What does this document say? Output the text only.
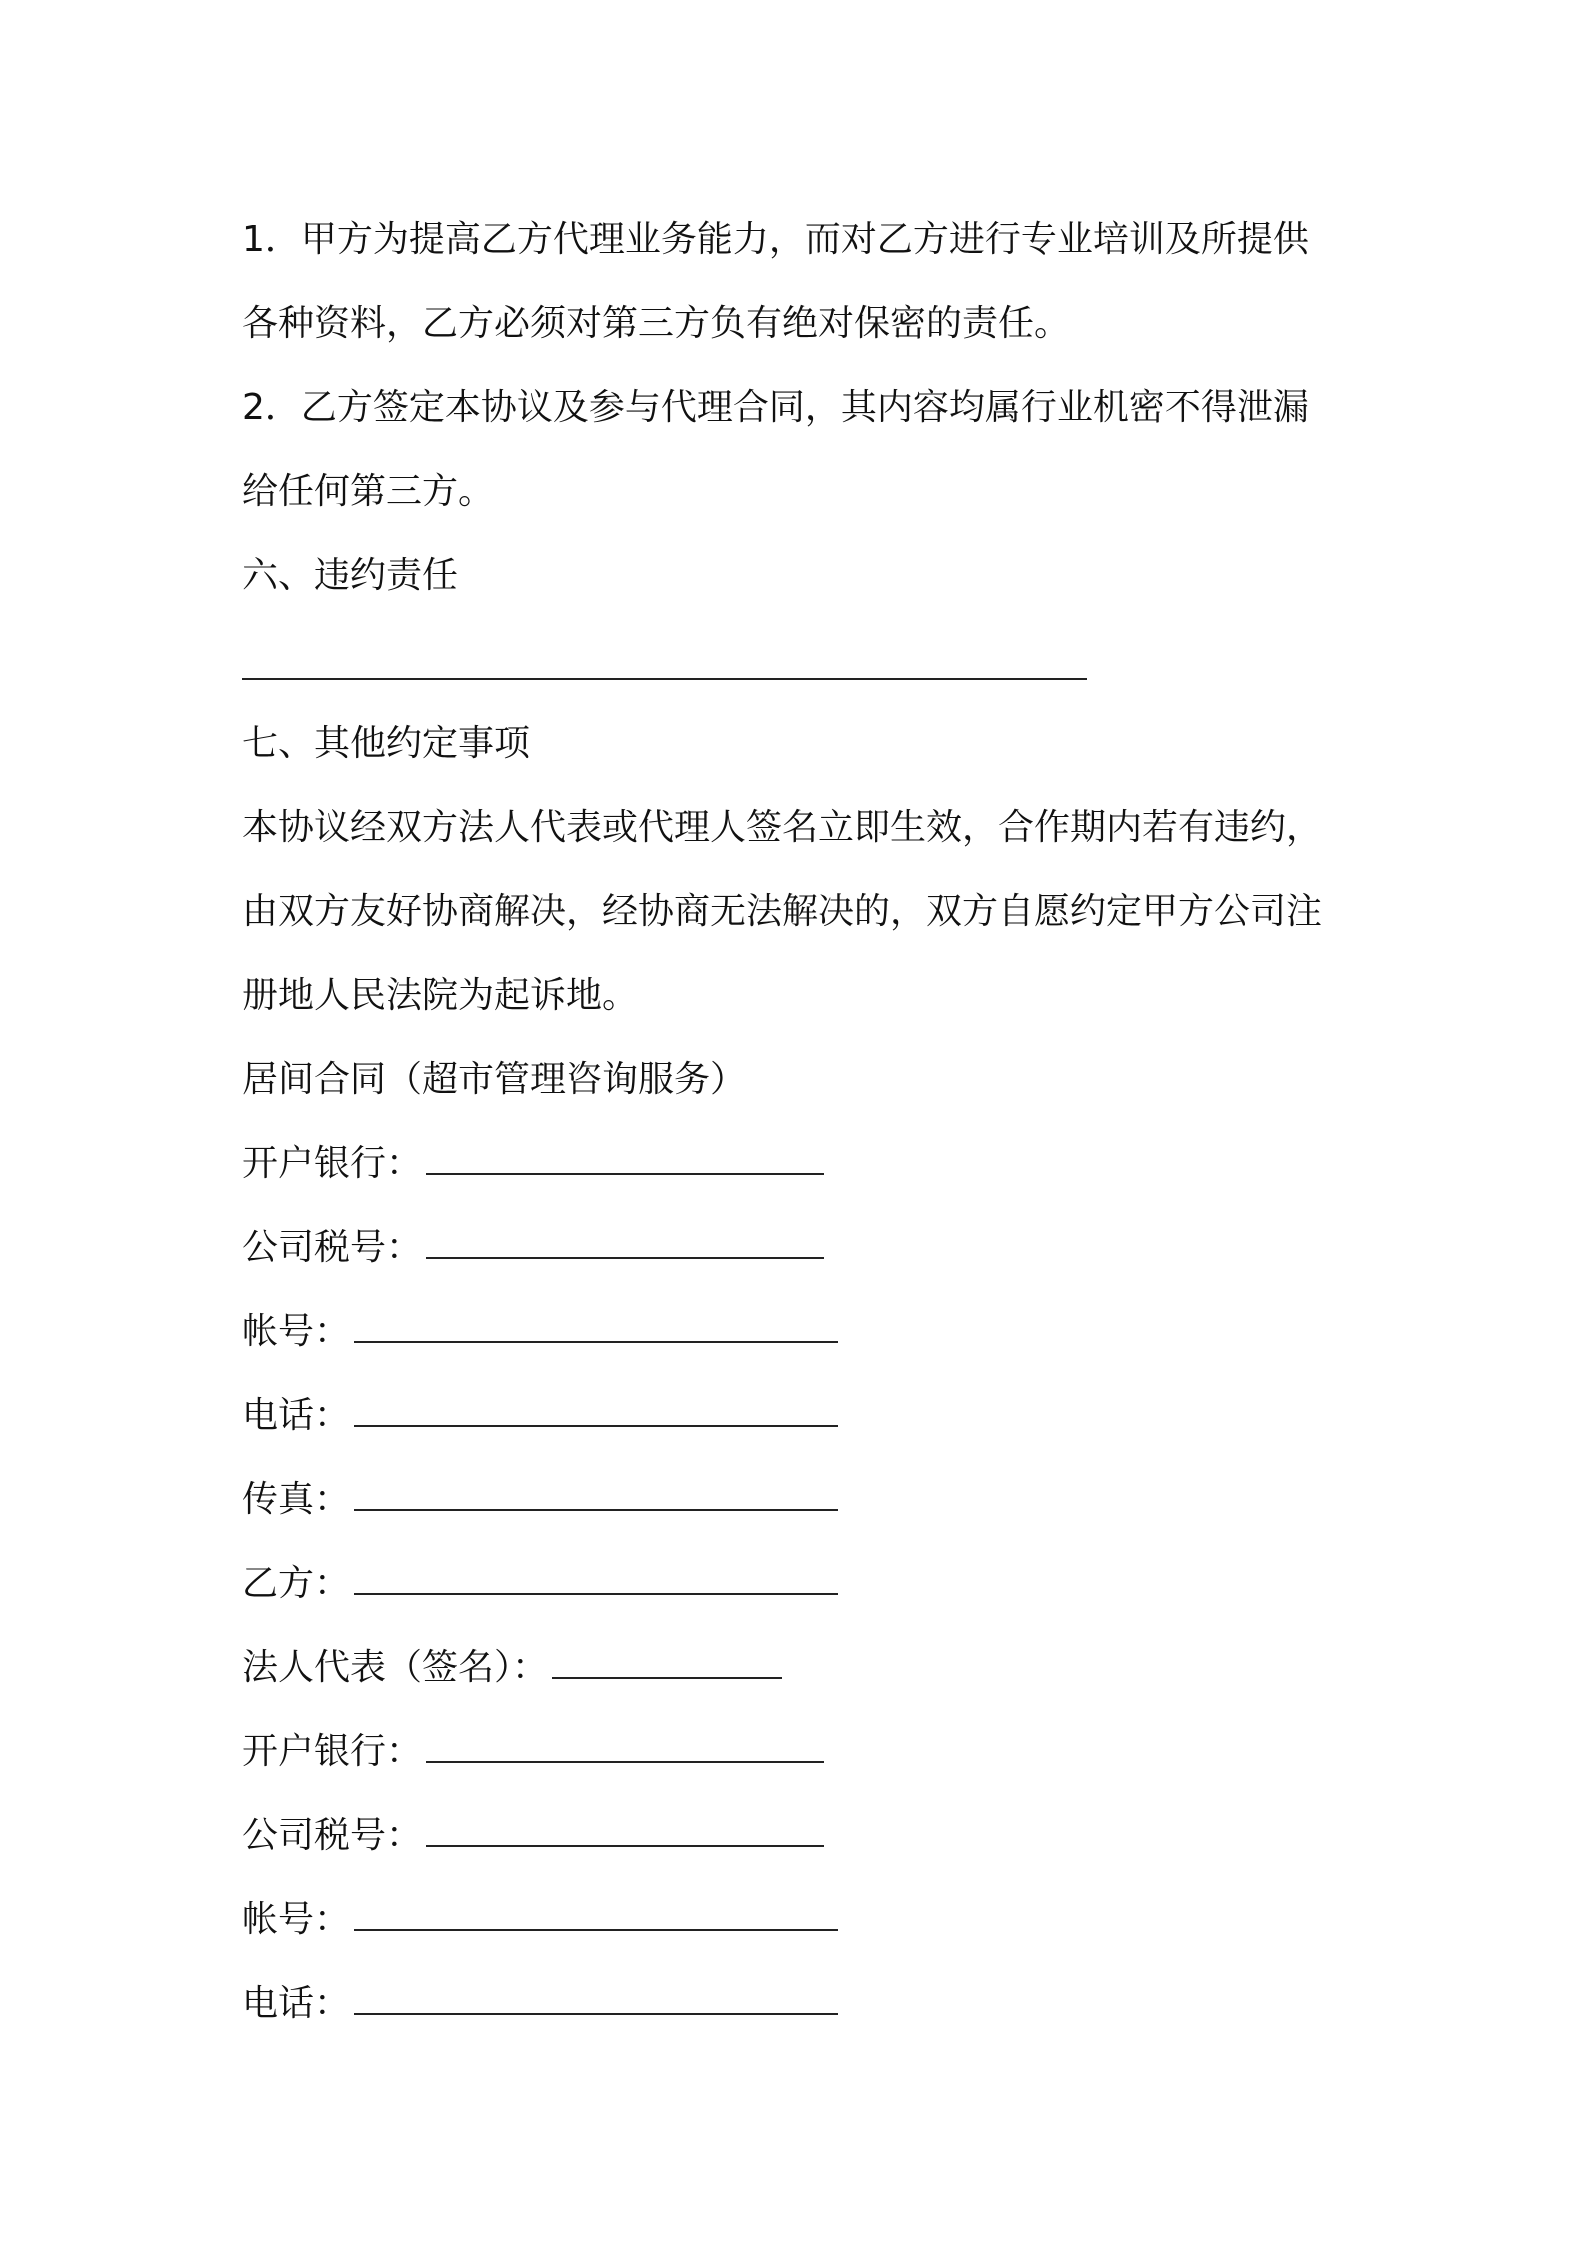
1．甲方为提高乙方代理业务能力，而对乙方进行专业培训及所提供
各种资料，乙方必须对第三方负有绝对保密的责任。
2．乙方签定本协议及参与代理合同，其内容均属行业机密不得泄漏
给任何第三方。
六、违约责任
七、其他约定事项
本协议经双方法人代表或代理人签名立即生效，合作期内若有违约，
由双方友好协商解决，经协商无法解决的，双方自愿约定甲方公司注
册地人民法院为起诉地。
居间合同（超市管理咨询服务）
开户银行：
公司税号：
帐号：
电话：
传真：
乙方：
法人代表（签名）：
开户银行：
公司税号：
帐号：
电话：
